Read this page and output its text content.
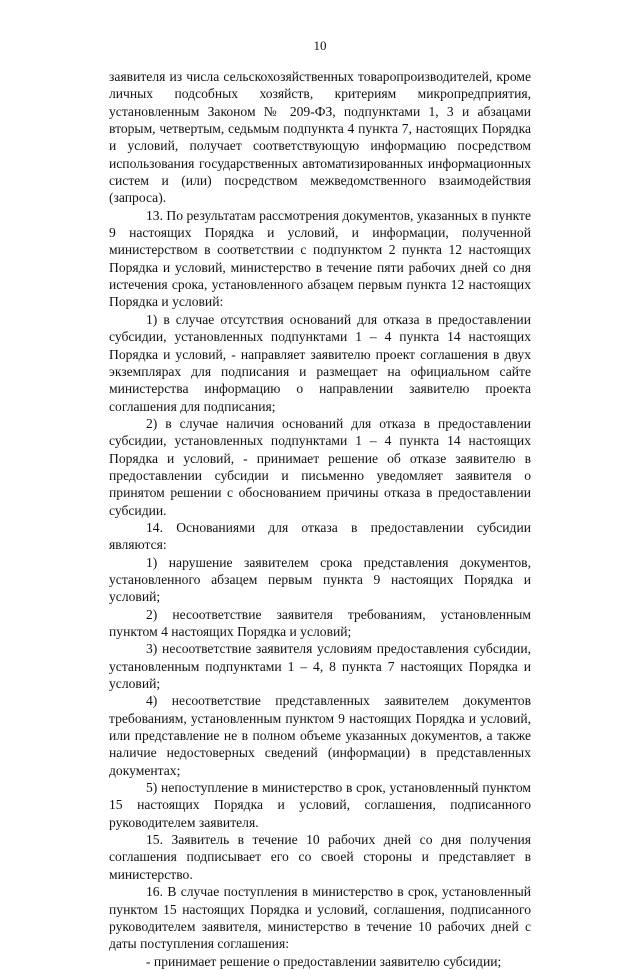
10

заявителя из числа сельскохозяйственных товаропроизводителей, кроме личных подсобных хозяйств, критериям микропредприятия, установленным Законом № 209-ФЗ, подпунктами 1, 3 и абзацами вторым, четвертым, седьмым подпункта 4 пункта 7, настоящих Порядка и условий, получает соответствующую информацию посредством использования государственных автоматизированных информационных систем и (или) посредством межведомственного взаимодействия (запроса).

13. По результатам рассмотрения документов, указанных в пункте 9 настоящих Порядка и условий, и информации, полученной министерством в соответствии с подпунктом 2 пункта 12 настоящих Порядка и условий, министерство в течение пяти рабочих дней со дня истечения срока, установленного абзацем первым пункта 12 настоящих Порядка и условий:

1) в случае отсутствия оснований для отказа в предоставлении субсидии, установленных подпунктами 1 – 4 пункта 14 настоящих Порядка и условий, - направляет заявителю проект соглашения в двух экземплярах для подписания и размещает на официальном сайте министерства информацию о направлении заявителю проекта соглашения для подписания;

2) в случае наличия оснований для отказа в предоставлении субсидии, установленных подпунктами 1 – 4 пункта 14 настоящих Порядка и условий, - принимает решение об отказе заявителю в предоставлении субсидии и письменно уведомляет заявителя о принятом решении с обоснованием причины отказа в предоставлении субсидии.

14. Основаниями для отказа в предоставлении субсидии являются:

1) нарушение заявителем срока представления документов, установленного абзацем первым пункта 9 настоящих Порядка и условий;

2) несоответствие заявителя требованиям, установленным пунктом 4 настоящих Порядка и условий;

3) несоответствие заявителя условиям предоставления субсидии, установленным подпунктами 1 – 4, 8 пункта 7 настоящих Порядка и условий;

4) несоответствие представленных заявителем документов требованиям, установленным пунктом 9 настоящих Порядка и условий, или представление не в полном объеме указанных документов, а также наличие недостоверных сведений (информации) в представленных документах;

5) непоступление в министерство в срок, установленный пунктом 15 настоящих Порядка и условий, соглашения, подписанного руководителем заявителя.

15. Заявитель в течение 10 рабочих дней со дня получения соглашения подписывает его со своей стороны и представляет в министерство.

16. В случае поступления в министерство в срок, установленный пунктом 15 настоящих Порядка и условий, соглашения, подписанного руководителем заявителя, министерство в течение 10 рабочих дней с даты поступления соглашения:

- принимает решение о предоставлении заявителю субсидии;
